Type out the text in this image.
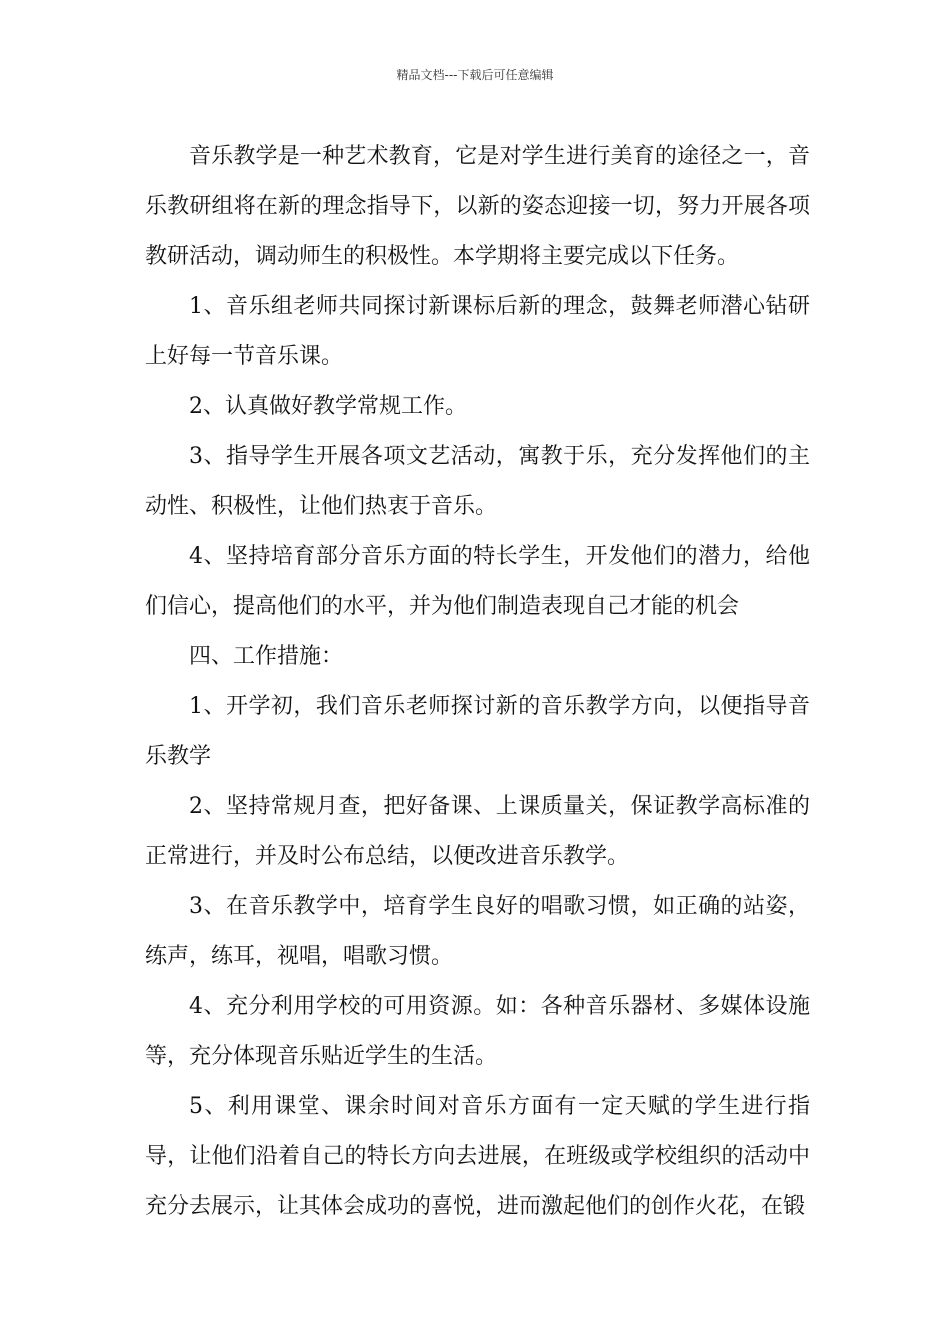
精品文档---下载后可任意编辑

音乐教学是一种艺术教育，它是对学生进行美育的途径之一，音乐教研组将在新的理念指导下，以新的姿态迎接一切，努力开展各项教研活动，调动师生的积极性。本学期将主要完成以下任务。

1、音乐组老师共同探讨新课标后新的理念，鼓舞老师潜心钻研上好每一节音乐课。

2、认真做好教学常规工作。

3、指导学生开展各项文艺活动，寓教于乐，充分发挥他们的主动性、积极性，让他们热衷于音乐。

4、坚持培育部分音乐方面的特长学生，开发他们的潜力，给他们信心，提高他们的水平，并为他们制造表现自己才能的机会

四、工作措施：

1、开学初，我们音乐老师探讨新的音乐教学方向，以便指导音乐教学

2、坚持常规月查，把好备课、上课质量关，保证教学高标准的正常进行，并及时公布总结，以便改进音乐教学。

3、在音乐教学中，培育学生良好的唱歌习惯，如正确的站姿，练声，练耳，视唱，唱歌习惯。

4、充分利用学校的可用资源。如：各种音乐器材、多媒体设施等，充分体现音乐贴近学生的生活。

5、利用课堂、课余时间对音乐方面有一定天赋的学生进行指导，让他们沿着自己的特长方向去进展，在班级或学校组织的活动中充分去展示，让其体会成功的喜悦，进而激起他们的创作火花，在锻
